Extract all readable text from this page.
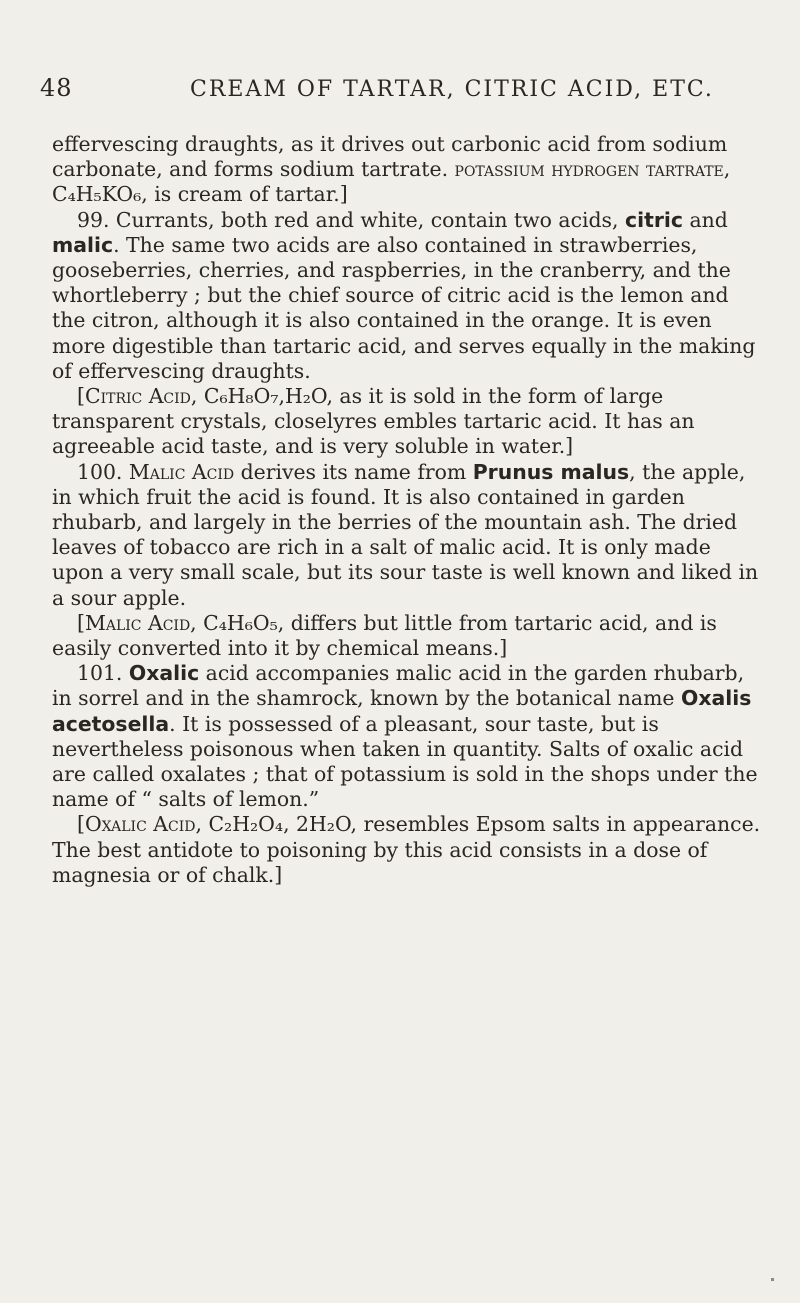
48	CREAM OF TARTAR, CITRIC ACID, ETC.

effervescing draughts, as it drives out carbonic acid from sodium carbonate, and forms sodium tartrate. potassium hydrogen tartrate, C₄H₅KO₆, is cream of tartar.]

99. Currants, both red and white, contain two acids, citric and malic. The same two acids are also contained in strawberries, gooseberries, cherries, and raspberries, in the cranberry, and the whortleberry ; but the chief source of citric acid is the lemon and the citron, although it is also contained in the orange. It is even more digestible than tartaric acid, and serves equally in the making of effervescing draughts.

[Citric Acid, C₆H₈O₇,H₂O, as it is sold in the form of large transparent crystals, closelyres embles tartaric acid. It has an agreeable acid taste, and is very soluble in water.]

100. Malic Acid derives its name from Prunus malus, the apple, in which fruit the acid is found. It is also contained in garden rhubarb, and largely in the berries of the mountain ash. The dried leaves of tobacco are rich in a salt of malic acid. It is only made upon a very small scale, but its sour taste is well known and liked in a sour apple.

[Malic Acid, C₄H₆O₅, differs but little from tartaric acid, and is easily converted into it by chemical means.]

101. Oxalic acid accompanies malic acid in the garden rhubarb, in sorrel and in the shamrock, known by the botanical name Oxalis acetosella. It is possessed of a pleasant, sour taste, but is nevertheless poisonous when taken in quantity. Salts of oxalic acid are called oxalates ; that of potassium is sold in the shops under the name of “ salts of lemon.”

[Oxalic Acid, C₂H₂O₄, 2H₂O, resembles Epsom salts in appearance. The best antidote to poisoning by this acid consists in a dose of magnesia or of chalk.]
